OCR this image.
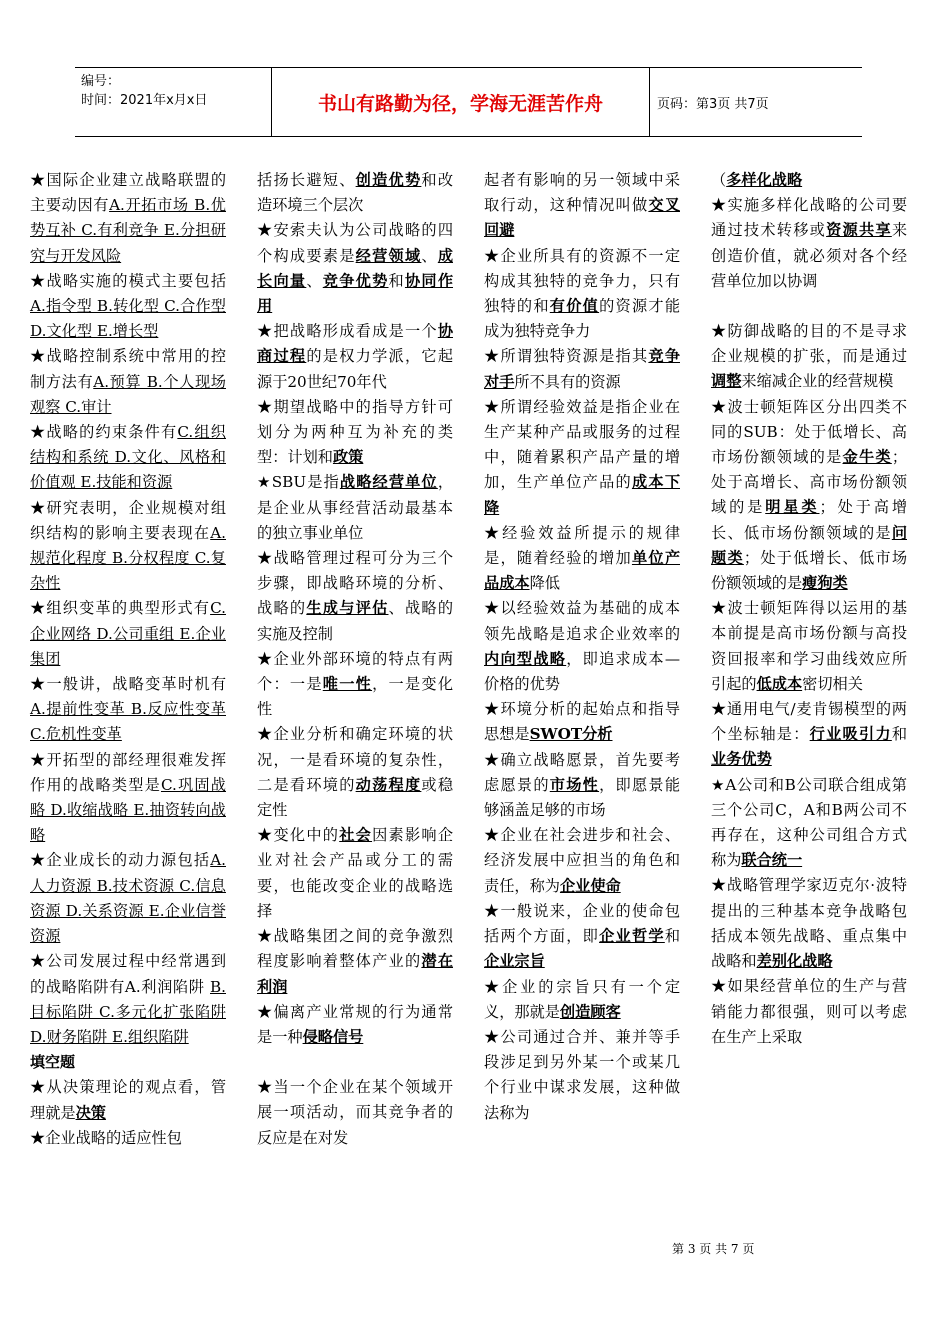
编号：
时间：2021年x月x日	书山有路勤为径，学海无涯苦作舟	页码：第3页 共7页

★国际企业建立战略联盟的主要动因有A.开拓市场 B.优势互补 C.有利竞争 E.分担研究与开发风险

★战略实施的模式主要包括A.指令型 B.转化型 C.合作型 D.文化型 E.增长型

★战略控制系统中常用的控制方法有A.预算 B.个人现场观察 C.审计

★战略的约束条件有C.组织结构和系统 D.文化、风格和价值观 E.技能和资源

★研究表明，企业规模对组织结构的影响主要表现在A.规范化程度 B.分权程度 C.复杂性

★组织变革的典型形式有C.企业网络 D.公司重组 E.企业集团

★一般讲，战略变革时机有A.提前性变革 B.反应性变革 C.危机性变革

★开拓型的部经理很难发挥作用的战略类型是C.巩固战略 D.收缩战略 E.抽资转向战略

★企业成长的动力源包括A.人力资源 B.技术资源 C.信息资源 D.关系资源 E.企业信誉资源

★公司发展过程中经常遇到的战略陷阱有A.利润陷阱 B.目标陷阱 C.多元化扩张陷阱 D.财务陷阱 E.组织陷阱

填空题

★从决策理论的观点看，管理就是决策

★企业战略的适应性包

括扬长避短、创造优势和改造环境三个层次

★安索夫认为公司战略的四个构成要素是经营领域、成长向量、竞争优势和协同作用

★把战略形成看成是一个协商过程的是权力学派，它起源于20世纪70年代

★期望战略中的指导方针可划分为两种互为补充的类型：计划和政策

★SBU是指战略经营单位，是企业从事经营活动最基本的独立事业单位

★战略管理过程可分为三个步骤，即战略环境的分析、战略的生成与评估、战略的实施及控制

★企业外部环境的特点有两个：一是唯一性，一是变化性

★企业分析和确定环境的状况，一是看环境的复杂性，二是看环境的动荡程度或稳定性

★变化中的社会因素影响企业对社会产品或分工的需要，也能改变企业的战略选择

★战略集团之间的竞争激烈程度影响着整体产业的潜在利润

★偏离产业常规的行为通常是一种侵略信号

★当一个企业在某个领域开展一项活动，而其竞争者的反应是在对发

起者有影响的另一领域中采取行动，这种情况叫做交叉回避

★企业所具有的资源不一定构成其独特的竞争力，只有独特的和有价值的资源才能成为独特竞争力

★所谓独特资源是指其竞争对手所不具有的资源

★所谓经验效益是指企业在生产某种产品或服务的过程中，随着累积产品产量的增加，生产单位产品的成本下降

★经验效益所提示的规律是，随着经验的增加单位产品成本降低

★以经验效益为基础的成本领先战略是追求企业效率的内向型战略，即追求成本—价格的优势

★环境分析的起始点和指导思想是SWOT分析

★确立战略愿景，首先要考虑愿景的市场性，即愿景能够涵盖足够的市场

★企业在社会进步和社会、经济发展中应担当的角色和责任，称为企业使命

★一般说来，企业的使命包括两个方面，即企业哲学和企业宗旨

★企业的宗旨只有一个定义，那就是创造顾客

★公司通过合并、兼并等手段涉足到另外某一个或某几个行业中谋求发展，这种做法称为

（多样化战略

★实施多样化战略的公司要通过技术转移或资源共享来创造价值，就必须对各个经营单位加以协调

★防御战略的目的不是寻求企业规模的扩张，而是通过调整来缩减企业的经营规模

★波士顿矩阵区分出四类不同的SUB：处于低增长、高市场份额领域的是金牛类；处于高增长、高市场份额领域的是明星类；处于高增长、低市场份额领域的是问题类；处于低增长、低市场份额领域的是瘦狗类

★波士顿矩阵得以运用的基本前提是高市场份额与高投资回报率和学习曲线效应所引起的低成本密切相关

★通用电气/麦肯锡模型的两个坐标轴是：行业吸引力和业务优势

★A公司和B公司联合组成第三个公司C，A和B两公司不再存在，这种公司组合方式称为联合统一

★战略管理学家迈克尔·波特提出的三种基本竞争战略包括成本领先战略、重点集中战略和差别化战略

★如果经营单位的生产与营销能力都很强，则可以考虑在生产上采取

第 3 页 共 7 页
